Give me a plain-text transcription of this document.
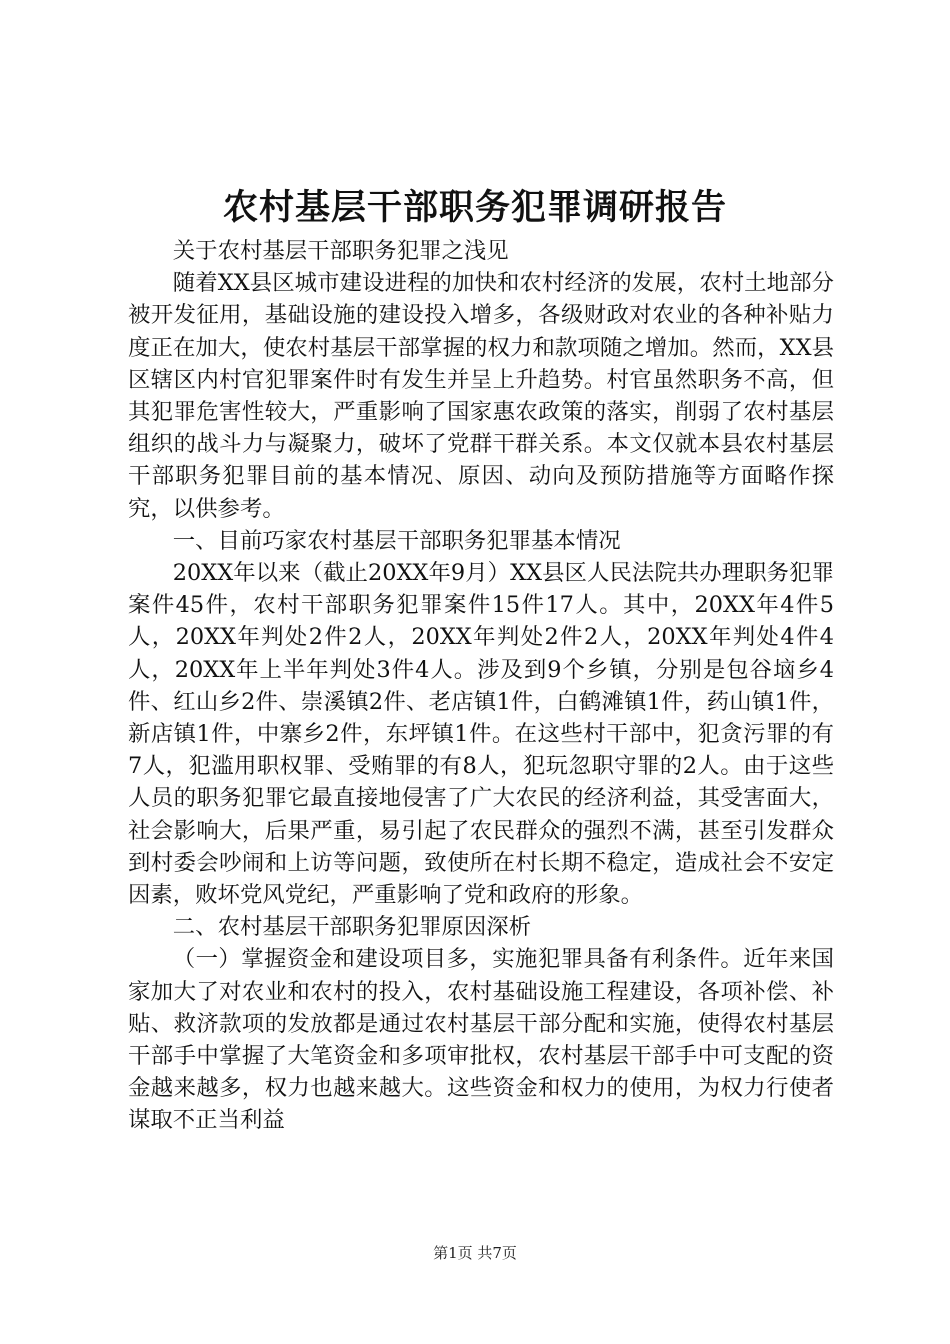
农村基层干部职务犯罪调研报告

关于农村基层干部职务犯罪之浅见

随着XX县区城市建设进程的加快和农村经济的发展，农村土地部分被开发征用，基础设施的建设投入增多，各级财政对农业的各种补贴力度正在加大，使农村基层干部掌握的权力和款项随之增加。然而，XX县区辖区内村官犯罪案件时有发生并呈上升趋势。村官虽然职务不高，但其犯罪危害性较大，严重影响了国家惠农政策的落实，削弱了农村基层组织的战斗力与凝聚力，破坏了党群干群关系。本文仅就本县农村基层干部职务犯罪目前的基本情况、原因、动向及预防措施等方面略作探究，以供参考。

一、目前巧家农村基层干部职务犯罪基本情况

20XX年以来（截止20XX年9月）XX县区人民法院共办理职务犯罪案件45件，农村干部职务犯罪案件15件17人。其中，20XX年4件5人，20XX年判处2件2人，20XX年判处2件2人，20XX年判处4件4人，20XX年上半年判处3件4人。涉及到9个乡镇，分别是包谷垴乡4件、红山乡2件、崇溪镇2件、老店镇1件，白鹤滩镇1件，药山镇1件，新店镇1件，中寨乡2件，东坪镇1件。在这些村干部中，犯贪污罪的有7人，犯滥用职权罪、受贿罪的有8人，犯玩忽职守罪的2人。由于这些人员的职务犯罪它最直接地侵害了广大农民的经济利益，其受害面大，社会影响大，后果严重，易引起了农民群众的强烈不满，甚至引发群众到村委会吵闹和上访等问题，致使所在村长期不稳定，造成社会不安定因素，败坏党风党纪，严重影响了党和政府的形象。

二、农村基层干部职务犯罪原因深析

（一）掌握资金和建设项目多，实施犯罪具备有利条件。近年来国家加大了对农业和农村的投入，农村基础设施工程建设，各项补偿、补贴、救济款项的发放都是通过农村基层干部分配和实施，使得农村基层干部手中掌握了大笔资金和多项审批权，农村基层干部手中可支配的资金越来越多，权力也越来越大。这些资金和权力的使用，为权力行使者谋取不正当利益

第1页 共7页
